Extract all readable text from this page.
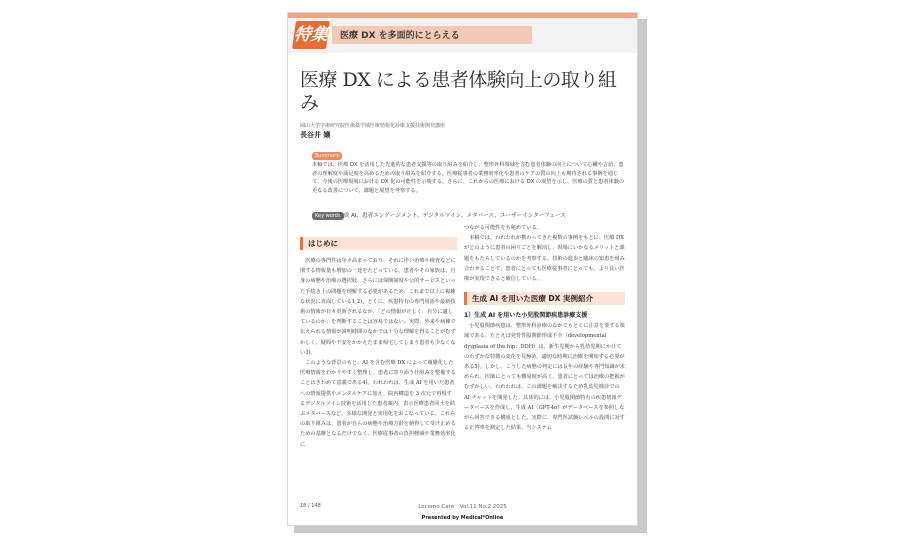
特集 医療 DX を多面的にとらえる
医療 DX による患者体験向上の取り組み
岡山大学学術研究院医歯薬学域医療情報化診療支援技術開発講座
長谷井 嬢
Summary
本稿では、医療 DX を活用した先進的な患者支援等の取り組みを紹介し、整形外科領域を含む患者体験の向上について心臓や言語、患者の理解度や満足度を高めるための取り組みを紹介する。医療従事者の業務効率化や患者のケアの質の向上も期待される事例を通じて、今後の医療現場における DX 化の可能性を示唆する。さらに、これからの医療における DX の展望を示し、医療の質と患者体験の更なる改善について、課題と展望を考察する。
Key words
生成 AI、患者エンゲージメント、デジタルツイン、メタバース、ユーザーインターフェース
はじめに

医療の専門性は年々高まっており、それに伴い治療や検査などに関する情報量も増加の一途をたどっている。患者やその家族は、自身の病態や治療の選択肢、さらには保険制度や公的サービスといった手続き上の問題を理解する必要があるため、これまで以上に複雑な状況に直面している1,2)。とくに、疾患特有の専門用語や最新技術の情報が日々更新されるなか、「どの情報が正しく、自分に適しているのか」を判断することは容易ではない。実際、外来や病棟で伝えられる情報が説明時間のなかでは十分な理解を得ることがむずかしく、疑問や不安をかかえたまま帰宅してしまう患者も少なくない3)。

このような背景のもと、AI を含む医療 DX によって複雑化した医療情報をわかりやすく整理し、患者に寄り添う仕組みを整備することはきわめて意義である4)。われわれは、生成 AI を用いた患者への情報提供やメンタルケアに加え、院内構造を 3 次元で再現するデジタルツイン技術を活用した患者案内、表示医療患者同士を結ぶメタバースなど、多様な開発と実用化をおこなっている。これらの取り組みは、患者が自らの病態や治療方針を納得して受け止めるための基盤となるだけでなく、医療従事者の負担軽減や業務効率化に

つながる可能性をも秘めている。

本稿では、われわれが携わってきた複数の事例をもとに、医療 DX がどのように患者の困りごとを解消し、現場にいかなるメリットと課題をもたらしているのかを考察する。技術の進歩と臨床の知恵を組み合わせることで、患者にとっても医療従事者にとっても、より良い医療が実現できると確信している。

生成 AI を用いた医療 DX 実例紹介
1）生成 AI を用いた小児股関節疾患診療支援

小児股関節疾患は、整形外科診療のなかでもとくに注意を要する領域である。たとえば発育性股関節形成不全（developmental dysplasia of the hip：DDH）は、新生児期から乳幼児期にかけてのわずかな特徴の変化を見極め、適切な時期に治療を開始する必要がある5)。しかし、こうした病態の判定には長年の経験や専門知識が求められ、医師にとっても難易度が高く、患者にとっては治療の把握がむずかしい。われわれは、この課題を解決するため乳幼児検診での AI チャットを開発した。具体的には、小児股関節特有の疾患情報データベースを作成し、生成 AI（GPT-4o）がデータベースを参照しながら回答できる構成とした。実際に、専門医試験レベルの設問に対する正答率を測定した結果、当システム

18 / 148	Locomo Care　Vol.11 No.2 2025
Presented by Medical*Online
